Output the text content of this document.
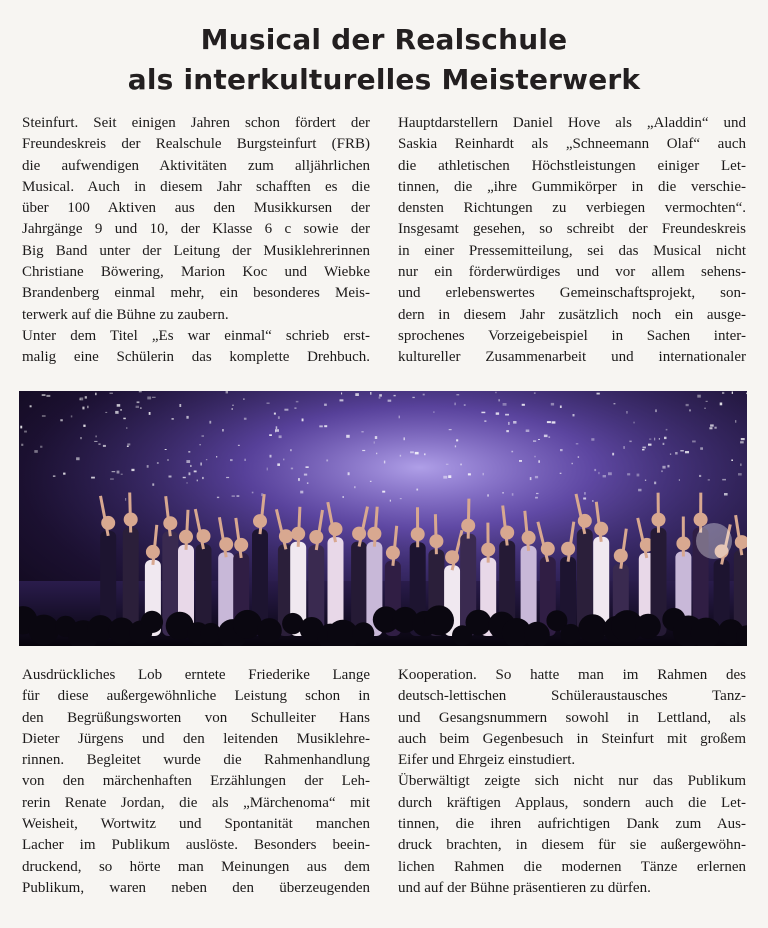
Musical der Realschule
als interkulturelles Meisterwerk
Steinfurt. Seit einigen Jahren schon fördert der
Freundeskreis der Realschule Burgsteinfurt (FRB)
die aufwendigen Aktivitäten zum alljährlichen
Musical. Auch in diesem Jahr schafften es die
über 100 Aktiven aus den Musikkursen der
Jahrgänge 9 und 10, der Klasse 6 c sowie der
Big Band unter der Leitung der Musiklehrerinnen
Christiane Böwering, Marion Koc und Wiebke
Brandenberg einmal mehr, ein besonderes Meis-
terwerk auf die Bühne zu zaubern.
Unter dem Titel „Es war einmal“ schrieb erst-
malig eine Schülerin das komplette Drehbuch.
Hauptdarstellern Daniel Hove als „Aladdin“ und
Saskia Reinhardt als „Schneemann Olaf“ auch
die athletischen Höchstleistungen einiger Let-
tinnen, die „ihre Gummikörper in die verschie-
densten Richtungen zu verbiegen vermochten“.
Insgesamt gesehen, so schreibt der Freundeskreis
in einer Pressemitteilung, sei das Musical nicht
nur ein förderwürdiges und vor allem sehens-
und erlebenswertes Gemeinschaftsprojekt, son-
dern in diesem Jahr zusätzlich noch ein ausge-
sprochenes Vorzeigebeispiel in Sachen inter-
kultureller Zusammenarbeit und internationaler
Ausdrückliches Lob erntete Friederike Lange
für diese außergewöhnliche Leistung schon in
den Begrüßungsworten von Schulleiter Hans
Dieter Jürgens und den leitenden Musiklehre-
rinnen. Begleitet wurde die Rahmenhandlung
von den märchenhaften Erzählungen der Leh-
rerin Renate Jordan, die als „Märchenoma“ mit
Weisheit, Wortwitz und Spontanität manchen
Lacher im Publikum auslöste. Besonders beein-
druckend, so hörte man Meinungen aus dem
Publikum, waren neben den überzeugenden
Kooperation. So hatte man im Rahmen des
deutsch-lettischen Schüleraustausches Tanz-
und Gesangsnummern sowohl in Lettland, als
auch beim Gegenbesuch in Steinfurt mit großem
Eifer und Ehrgeiz einstudiert.
Überwältigt zeigte sich nicht nur das Publikum
durch kräftigen Applaus, sondern auch die Let-
tinnen, die ihren aufrichtigen Dank zum Aus-
druck brachten, in diesem für sie außergewöhn-
lichen Rahmen die modernen Tänze erlernen
und auf der Bühne präsentieren zu dürfen.
